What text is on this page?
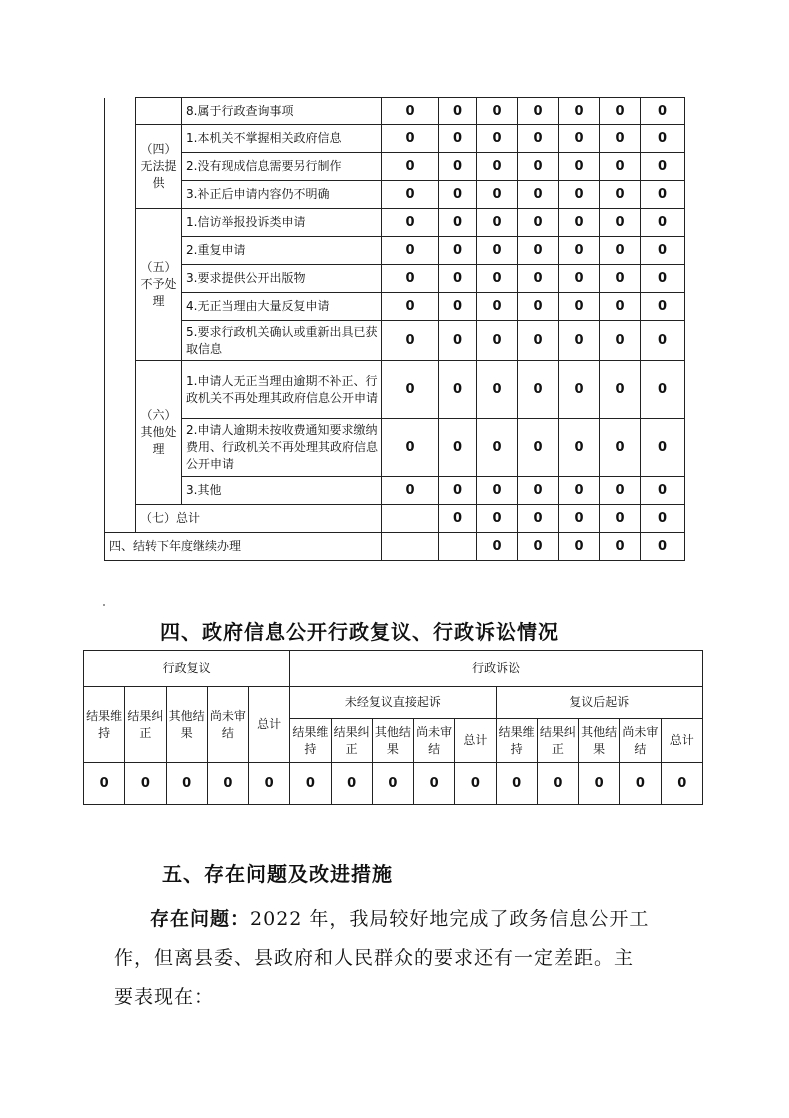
		8.属于行政查询事项	0	0	0	0	0	0	0
	（四）无法提供	1.本机关不掌握相关政府信息	0	0	0	0	0	0	0
		2.没有现成信息需要另行制作	0	0	0	0	0	0	0
		3.补正后申请内容仍不明确	0	0	0	0	0	0	0
	（五）不予处理	1.信访举报投诉类申请	0	0	0	0	0	0	0
		2.重复申请	0	0	0	0	0	0	0
		3.要求提供公开出版物	0	0	0	0	0	0	0
		4.无正当理由大量反复申请	0	0	0	0	0	0	0
		5.要求行政机关确认或重新出具已获取信息	0	0	0	0	0	0	0
	（六）其他处理	1.申请人无正当理由逾期不补正、行政机关不再处理其政府信息公开申请	0	0	0	0	0	0	0
		2.申请人逾期未按收费通知要求缴纳费用、行政机关不再处理其政府信息公开申请	0	0	0	0	0	0	0
		3.其他	0	0	0	0	0	0	0
	（七）总计			0	0	0	0	0	0
四、结转下年度继续办理					0	0	0	0	0
四、政府信息公开行政复议、行政诉讼情况
行政复议					行政诉讼									
结果维持	结果纠正	其他结果	尚未审结	总计	未经复议直接起诉					复议后起诉				
					结果维持	结果纠正	其他结果	尚未审结	总计	结果维持	结果纠正	其他结果	尚未审结	总计
0	0	0	0	0	0	0	0	0	0	0	0	0	0	0
五、存在问题及改进措施
存在问题：2022 年，我局较好地完成了政务信息公开工
作，但离县委、县政府和人民群众的要求还有一定差距。主
要表现在：
